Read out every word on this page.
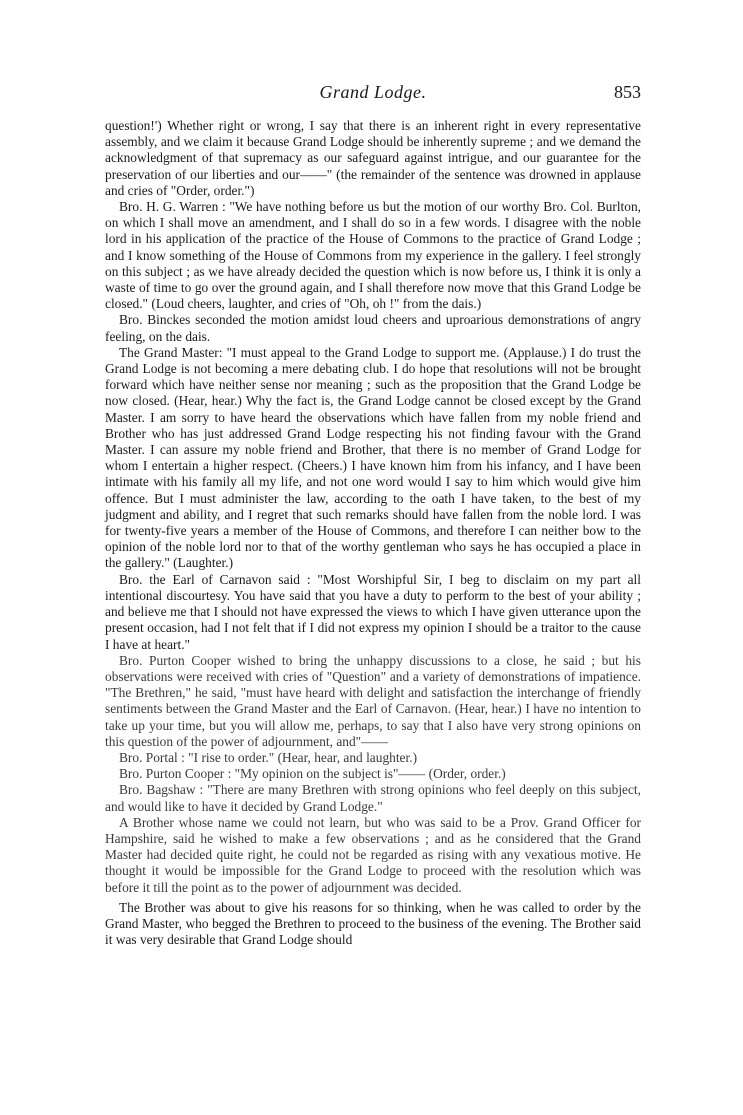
Grand Lodge.	853

question!') Whether right or wrong, I say that there is an inherent right in every representative assembly, and we claim it because Grand Lodge should be inherently supreme ; and we demand the acknowledgment of that supremacy as our safeguard against intrigue, and our guarantee for the preservation of our liberties and our——" (the remainder of the sentence was drowned in applause and cries of "Order, order.")

Bro. H. G. Warren : "We have nothing before us but the motion of our worthy Bro. Col. Burlton, on which I shall move an amendment, and I shall do so in a few words. I disagree with the noble lord in his application of the practice of the House of Commons to the practice of Grand Lodge ; and I know something of the House of Commons from my experience in the gallery. I feel strongly on this subject ; as we have already decided the question which is now before us, I think it is only a waste of time to go over the ground again, and I shall therefore now move that this Grand Lodge be closed." (Loud cheers, laughter, and cries of "Oh, oh !" from the dais.)

Bro. Binckes seconded the motion amidst loud cheers and uproarious demonstrations of angry feeling, on the dais.

The Grand Master: "I must appeal to the Grand Lodge to support me. (Applause.) I do trust the Grand Lodge is not becoming a mere debating club. I do hope that resolutions will not be brought forward which have neither sense nor meaning ; such as the proposition that the Grand Lodge be now closed. (Hear, hear.) Why the fact is, the Grand Lodge cannot be closed except by the Grand Master. I am sorry to have heard the observations which have fallen from my noble friend and Brother who has just addressed Grand Lodge respecting his not finding favour with the Grand Master. I can assure my noble friend and Brother, that there is no member of Grand Lodge for whom I entertain a higher respect. (Cheers.) I have known him from his infancy, and I have been intimate with his family all my life, and not one word would I say to him which would give him offence. But I must administer the law, according to the oath I have taken, to the best of my judgment and ability, and I regret that such remarks should have fallen from the noble lord. I was for twenty-five years a member of the House of Commons, and therefore I can neither bow to the opinion of the noble lord nor to that of the worthy gentleman who says he has occupied a place in the gallery." (Laughter.)

Bro. the Earl of Carnavon said : "Most Worshipful Sir, I beg to disclaim on my part all intentional discourtesy. You have said that you have a duty to perform to the best of your ability ; and believe me that I should not have expressed the views to which I have given utterance upon the present occasion, had I not felt that if I did not express my opinion I should be a traitor to the cause I have at heart."

Bro. Purton Cooper wished to bring the unhappy discussions to a close, he said ; but his observations were received with cries of "Question" and a variety of demonstrations of impatience. "The Brethren," he said, "must have heard with delight and satisfaction the interchange of friendly sentiments between the Grand Master and the Earl of Carnavon. (Hear, hear.) I have no intention to take up your time, but you will allow me, perhaps, to say that I also have very strong opinions on this question of the power of adjournment, and"——

Bro. Portal : "I rise to order." (Hear, hear, and laughter.)

Bro. Purton Cooper : "My opinion on the subject is"—— (Order, order.)

Bro. Bagshaw : "There are many Brethren with strong opinions who feel deeply on this subject, and would like to have it decided by Grand Lodge."

A Brother whose name we could not learn, but who was said to be a Prov. Grand Officer for Hampshire, said he wished to make a few observations ; and as he considered that the Grand Master had decided quite right, he could not be regarded as rising with any vexatious motive. He thought it would be impossible for the Grand Lodge to proceed with the resolution which was before it till the point as to the power of adjournment was decided.

The Brother was about to give his reasons for so thinking, when he was called to order by the Grand Master, who begged the Brethren to proceed to the business of the evening. The Brother said it was very desirable that Grand Lodge should
